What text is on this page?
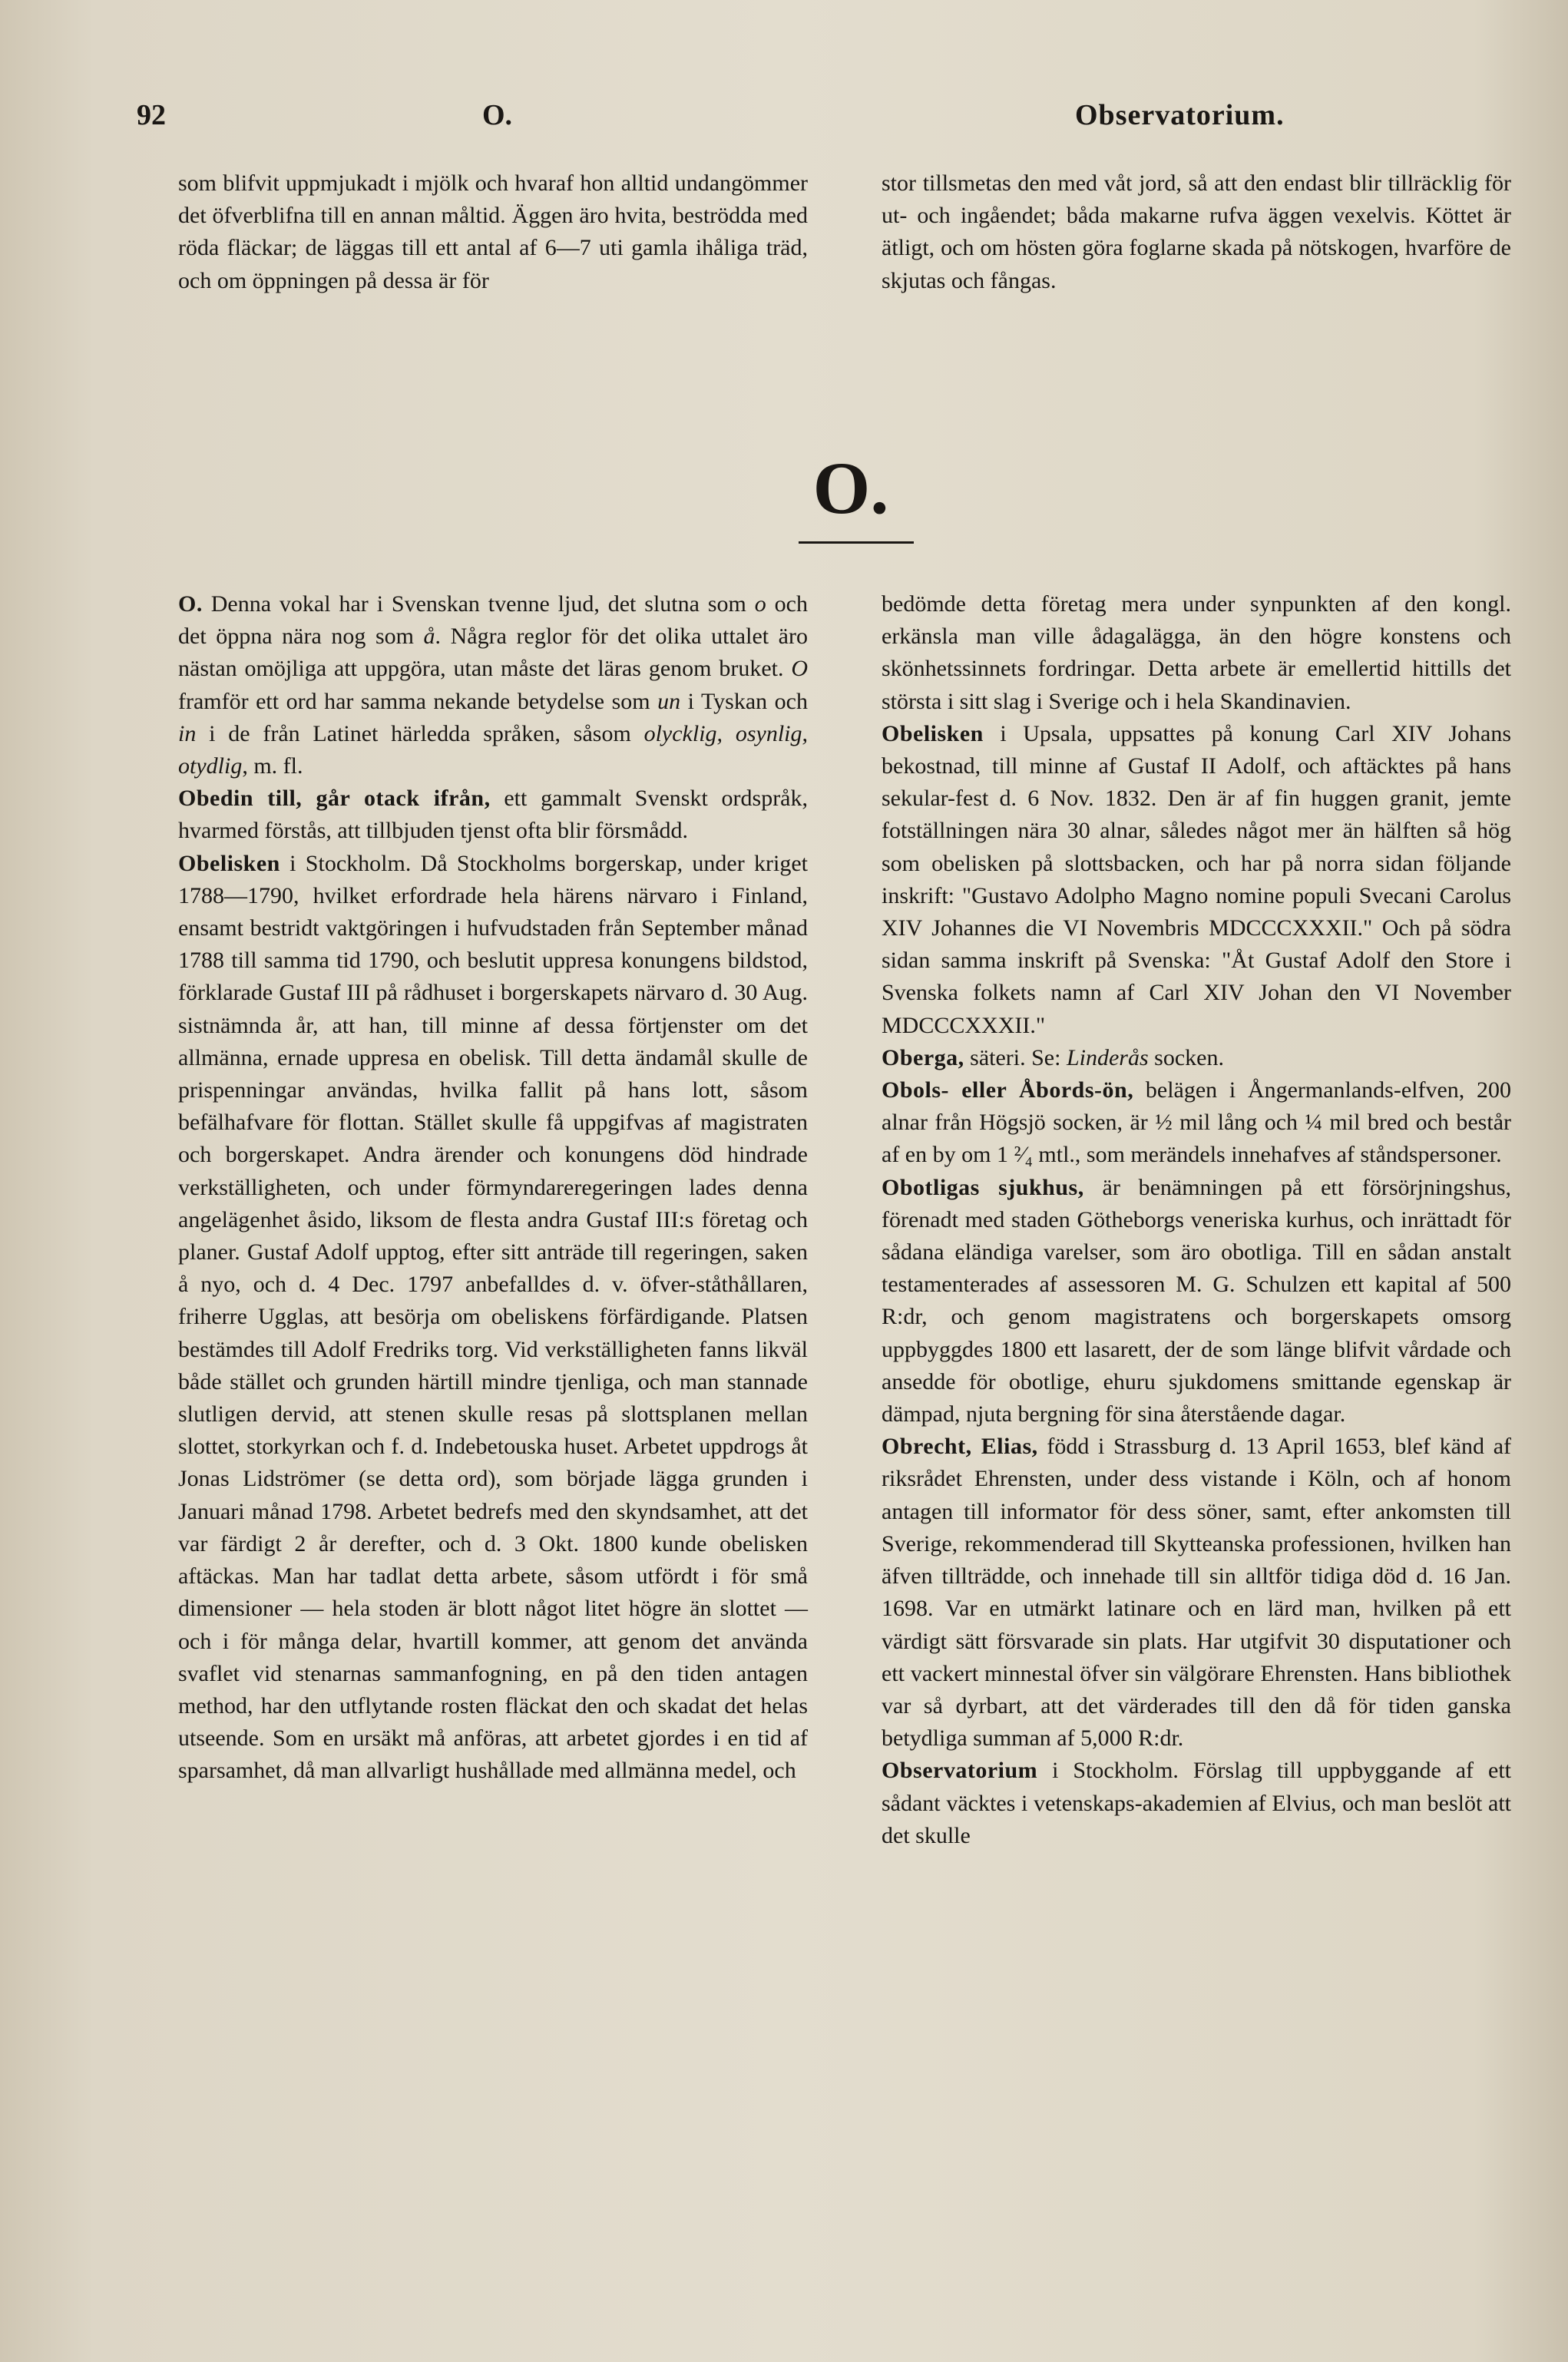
92	O.	Observatorium.

som blifvit uppmjukadt i mjölk och hvaraf hon alltid undangömmer det öfverblifna till en annan måltid. Äggen äro hvita, beströdda med röda fläckar; de läggas till ett antal af 6—7 uti gamla ihåliga träd, och om öppningen på dessa är för

stor tillsmetas den med våt jord, så att den endast blir tillräcklig för ut- och ingåendet; båda makarne rufva äggen vexelvis. Köttet är ätligt, och om hösten göra foglarne skada på nötskogen, hvarföre de skjutas och fångas.

O.

O. Denna vokal har i Svenskan tvenne ljud, det slutna som o och det öppna nära nog som å. Några reglor för det olika uttalet äro nästan omöjliga att uppgöra, utan måste det läras genom bruket. O framför ett ord har samma nekande betydelse som un i Tyskan och in i de från Latinet härledda språken, såsom olycklig, osynlig, otydlig, m. fl.

Obedin till, går otack ifrån, ett gammalt Svenskt ordspråk, hvarmed förstås, att tillbjuden tjenst ofta blir försmådd.

Obelisken i Stockholm. Då Stockholms borgerskap, under kriget 1788—1790, hvilket erfordrade hela härens närvaro i Finland, ensamt bestridt vaktgöringen i hufvudstaden från September månad 1788 till samma tid 1790, och beslutit uppresa konungens bildstod, förklarade Gustaf III på rådhuset i borgerskapets närvaro d. 30 Aug. sistnämnda år, att han, till minne af dessa förtjenster om det allmänna, ernade uppresa en obelisk. Till detta ändamål skulle de prispenningar användas, hvilka fallit på hans lott, såsom befälhafvare för flottan. Stället skulle få uppgifvas af magistraten och borgerskapet. Andra ärender och konungens död hindrade verkställigheten, och under förmyndareregeringen lades denna angelägenhet åsido, liksom de flesta andra Gustaf III:s företag och planer. Gustaf Adolf upptog, efter sitt anträde till regeringen, saken å nyo, och d. 4 Dec. 1797 anbefalldes d. v. öfver-ståthållaren, friherre Ugglas, att besörja om obeliskens förfärdigande. Platsen bestämdes till Adolf Fredriks torg. Vid verkställigheten fanns likväl både stället och grunden härtill mindre tjenliga, och man stannade slutligen dervid, att stenen skulle resas på slottsplanen mellan slottet, storkyrkan och f. d. Indebetouska huset. Arbetet uppdrogs åt Jonas Lidströmer (se detta ord), som började lägga grunden i Januari månad 1798. Arbetet bedrefs med den skyndsamhet, att det var färdigt 2 år derefter, och d. 3 Okt. 1800 kunde obelisken aftäckas. Man har tadlat detta arbete, såsom utfördt i för små dimensioner — hela stoden är blott något litet högre än slottet — och i för många delar, hvartill kommer, att genom det använda svaflet vid stenarnas sammanfogning, en på den tiden antagen method, har den utflytande rosten fläckat den och skadat det helas utseende. Som en ursäkt må anföras, att arbetet gjordes i en tid af sparsamhet, då man allvarligt hushållade med allmänna medel, och

bedömde detta företag mera under synpunkten af den kongl. erkänsla man ville ådagalägga, än den högre konstens och skönhetssinnets fordringar. Detta arbete är emellertid hittills det största i sitt slag i Sverige och i hela Skandinavien.

Obelisken i Upsala, uppsattes på konung Carl XIV Johans bekostnad, till minne af Gustaf II Adolf, och aftäcktes på hans sekular-fest d. 6 Nov. 1832. Den är af fin huggen granit, jemte fotställningen nära 30 alnar, således något mer än hälften så hög som obelisken på slottsbacken, och har på norra sidan följande inskrift: "Gustavo Adolpho Magno nomine populi Svecani Carolus XIV Johannes die VI Novembris MDCCCXXXII." Och på södra sidan samma inskrift på Svenska: "Åt Gustaf Adolf den Store i Svenska folkets namn af Carl XIV Johan den VI November MDCCCXXXII."

Oberga, säteri. Se: Linderås socken.

Obols- eller Åbords-ön, belägen i Ångermanlands-elfven, 200 alnar från Högsjö socken, är ½ mil lång och ¼ mil bred och består af en by om 1 ²⁄₄ mtl., som merändels innehafves af ståndspersoner.

Obotligas sjukhus, är benämningen på ett försörjningshus, förenadt med staden Götheborgs veneriska kurhus, och inrättadt för sådana eländiga varelser, som äro obotliga. Till en sådan anstalt testamenterades af assessoren M. G. Schulzen ett kapital af 500 R:dr, och genom magistratens och borgerskapets omsorg uppbyggdes 1800 ett lasarett, der de som länge blifvit vårdade och ansedde för obotlige, ehuru sjukdomens smittande egenskap är dämpad, njuta bergning för sina återstående dagar.

Obrecht, Elias, född i Strassburg d. 13 April 1653, blef känd af riksrådet Ehrensten, under dess vistande i Köln, och af honom antagen till informator för dess söner, samt, efter ankomsten till Sverige, rekommenderad till Skytteanska professionen, hvilken han äfven tillträdde, och innehade till sin alltför tidiga död d. 16 Jan. 1698. Var en utmärkt latinare och en lärd man, hvilken på ett värdigt sätt försvarade sin plats. Har utgifvit 30 disputationer och ett vackert minnestal öfver sin välgörare Ehrensten. Hans bibliothek var så dyrbart, att det värderades till den då för tiden ganska betydliga summan af 5,000 R:dr.

Observatorium i Stockholm. Förslag till uppbyggande af ett sådant väcktes i vetenskaps-akademien af Elvius, och man beslöt att det skulle
